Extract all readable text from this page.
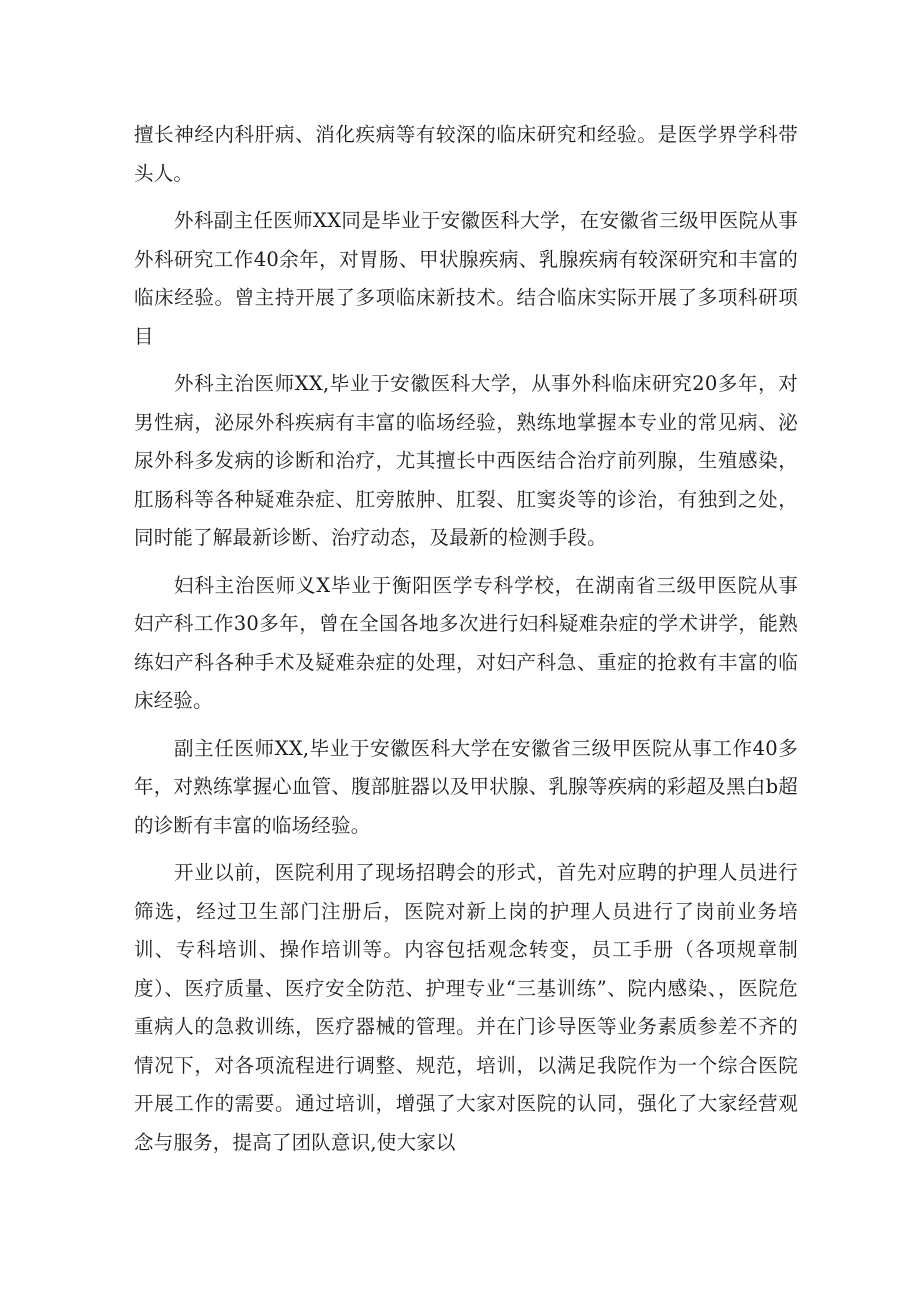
擅长神经内科肝病、消化疾病等有较深的临床研究和经验。是医学界学科带头人。

外科副主任医师XX同是毕业于安徽医科大学，在安徽省三级甲医院从事外科研究工作40余年，对胃肠、甲状腺疾病、乳腺疾病有较深研究和丰富的临床经验。曾主持开展了多项临床新技术。结合临床实际开展了多项科研项目

外科主治医师XX,毕业于安徽医科大学，从事外科临床研究20多年，对男性病，泌尿外科疾病有丰富的临场经验，熟练地掌握本专业的常见病、泌尿外科多发病的诊断和治疗，尤其擅长中西医结合治疗前列腺，生殖感染，肛肠科等各种疑难杂症、肛旁脓肿、肛裂、肛窦炎等的诊治，有独到之处，同时能了解最新诊断、治疗动态，及最新的检测手段。

妇科主治医师义X毕业于衡阳医学专科学校，在湖南省三级甲医院从事妇产科工作30多年，曾在全国各地多次进行妇科疑难杂症的学术讲学，能熟练妇产科各种手术及疑难杂症的处理，对妇产科急、重症的抢救有丰富的临床经验。

副主任医师XX,毕业于安徽医科大学在安徽省三级甲医院从事工作40多年，对熟练掌握心血管、腹部脏器以及甲状腺、乳腺等疾病的彩超及黑白b超的诊断有丰富的临场经验。

开业以前，医院利用了现场招聘会的形式，首先对应聘的护理人员进行筛选，经过卫生部门注册后，医院对新上岗的护理人员进行了岗前业务培训、专科培训、操作培训等。内容包括观念转变，员工手册（各项规章制度）、医疗质量、医疗安全防范、护理专业“三基训练”、院内感染、，医院危重病人的急救训练，医疗器械的管理。并在门诊导医等业务素质参差不齐的情况下，对各项流程进行调整、规范，培训，以满足我院作为一个综合医院开展工作的需要。通过培训，增强了大家对医院的认同，强化了大家经营观念与服务，提高了团队意识,使大家以
